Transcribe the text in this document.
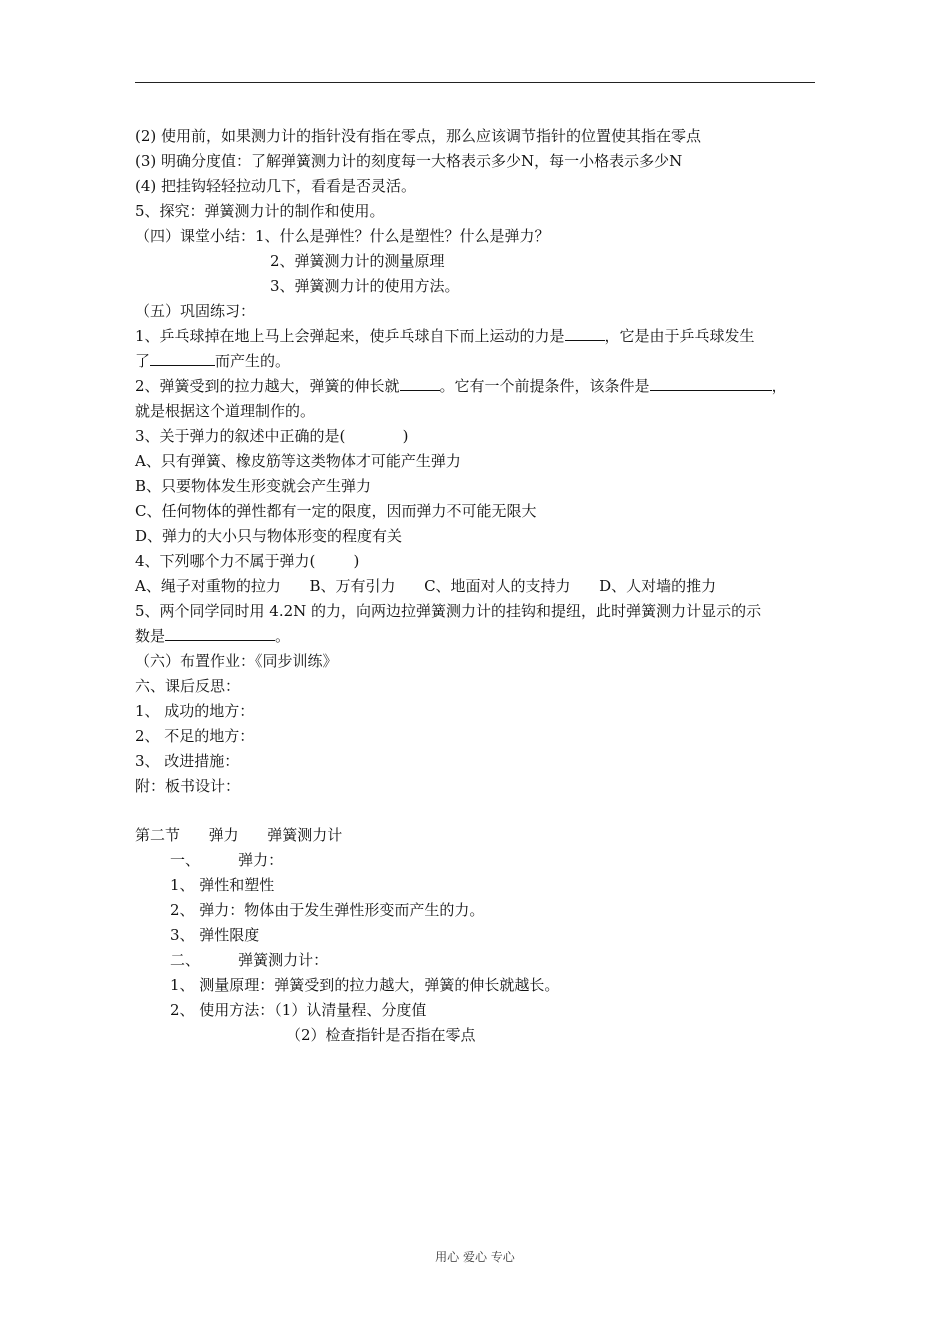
(2) 使用前，如果测力计的指针没有指在零点，那么应该调节指针的位置使其指在零点
(3) 明确分度值：了解弹簧测力计的刻度每一大格表示多少N，每一小格表示多少N
(4) 把挂钩轻轻拉动几下，看看是否灵活。
5、探究：弹簧测力计的制作和使用。
（四）课堂小结：1、什么是弹性？什么是塑性？什么是弹力？
2、弹簧测力计的测量原理
3、弹簧测力计的使用方法。
（五）巩固练习：
1、乒乓球掉在地上马上会弹起来，使乒乓球自下而上运动的力是	，它是由于乒乓球发生
了	而产生的。
2、弹簧受到的拉力越大，弹簧的伸长就	。它有一个前提条件，该条件是	，
就是根据这个道理制作的。
3、关于弹力的叙述中正确的是(            )
A、只有弹簧、橡皮筋等这类物体才可能产生弹力
B、只要物体发生形变就会产生弹力
C、任何物体的弹性都有一定的限度，因而弹力不可能无限大
D、弹力的大小只与物体形变的程度有关
4、下列哪个力不属于弹力(        )
A、绳子对重物的拉力      B、万有引力      C、地面对人的支持力      D、人对墙的推力
5、两个同学同时用 4.2N 的力，向两边拉弹簧测力计的挂钩和提纽，此时弹簧测力计显示的示
数是	。
（六）布置作业：《同步训练》
六、课后反思：
1、 成功的地方：
2、 不足的地方：
3、 改进措施：
附：板书设计：
第二节      弹力      弹簧测力计
一、        弹力：
1、 弹性和塑性
2、 弹力：物体由于发生弹性形变而产生的力。
3、 弹性限度
二、        弹簧测力计：
1、 测量原理：弹簧受到的拉力越大，弹簧的伸长就越长。
2、 使用方法：（1）认清量程、分度值
（2）检查指针是否指在零点
用心 爱心 专心
